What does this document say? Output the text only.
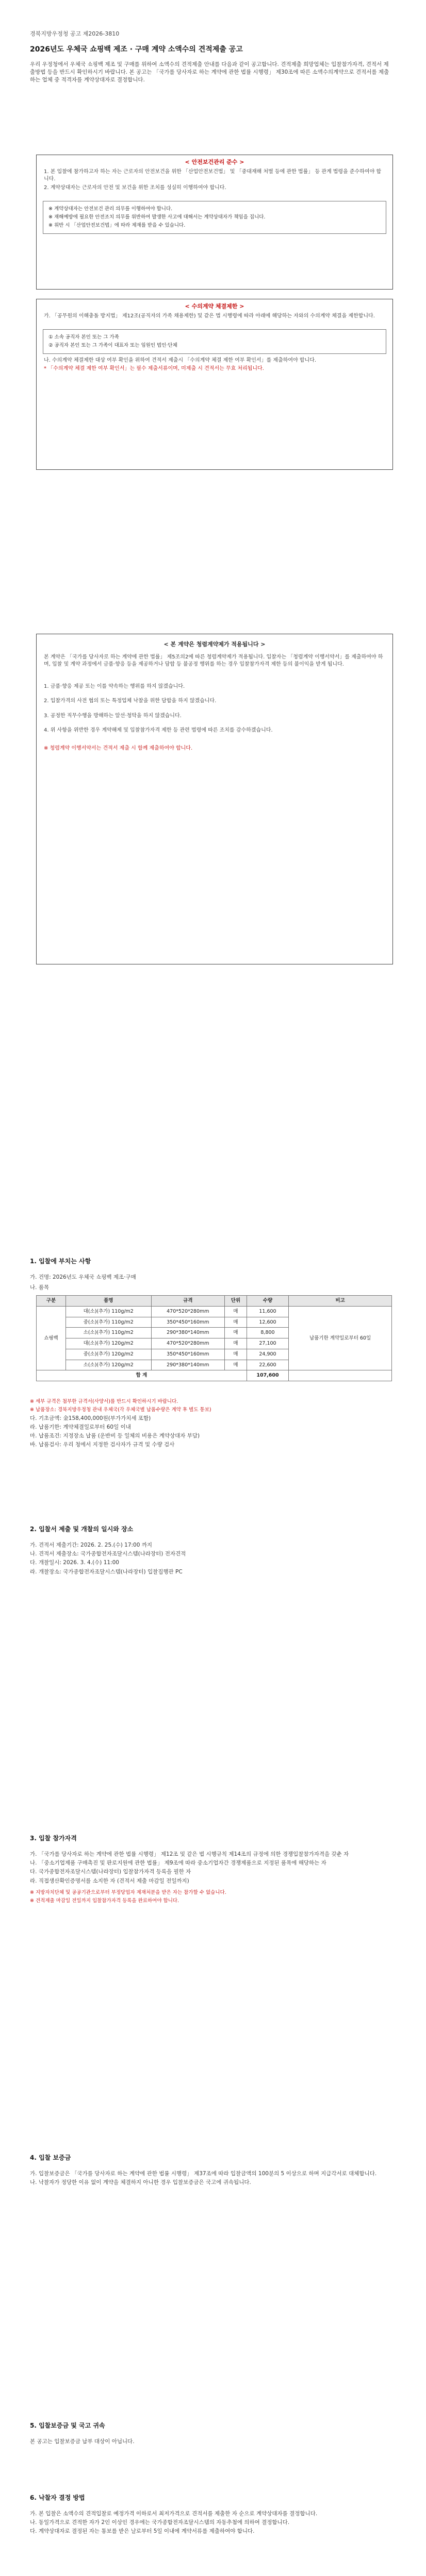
경북지방우정청 공고 제2026-3810
2026년도 우체국 쇼핑백 제조 · 구매 계약 소액수의 견적제출 공고
우리 우정청에서 우체국 쇼핑백 제조 및 구매를 위하여 소액수의 견적제출 안내를 다음과 같이 공고합니다. 견적제출 희망업체는 입찰참가자격, 견적서 제출방법 등을 반드시 확인하시기 바랍니다. 본 공고는 「국가를 당사자로 하는 계약에 관한 법률 시행령」 제30조에 따른 소액수의계약으로 견적서를 제출하는 업체 중 적격자를 계약상대자로 결정합니다.
< 안전보건관리 준수 >
1. 본 입찰에 참가하고자 하는 자는 근로자의 안전보건을 위한 「산업안전보건법」 및 「중대재해 처벌 등에 관한 법률」 등 관계 법령을 준수하여야 합니다.
2. 계약상대자는 근로자의 안전 및 보건을 위한 조치를 성실히 이행하여야 합니다.
※ 계약상대자는 안전보건 관리 의무를 이행하여야 합니다.
※ 재해예방에 필요한 안전조치 의무를 위반하여 발생한 사고에 대해서는 계약상대자가 책임을 집니다.
※ 위반 시 「산업안전보건법」에 따라 제재를 받을 수 있습니다.
< 수의계약 체결제한 >
가. 「공무원의 이해충돌 방지법」 제12조(공직자의 가족 채용제한) 및 같은 법 시행령에 따라 아래에 해당하는 자와의 수의계약 체결을 제한합니다.
① 소속 공직자 본인 또는 그 가족
② 공직자 본인 또는 그 가족이 대표자 또는 임원인 법인·단체
나. 수의계약 체결제한 대상 여부 확인을 위하여 견적서 제출시 「수의계약 체결 제한 여부 확인서」를 제출하여야 합니다.
* 「수의계약 체결 제한 여부 확인서」는 필수 제출서류이며, 미제출 시 견적서는 무효 처리됩니다.
< 본 계약은 청렴계약제가 적용됩니다 >
본 계약은 「국가를 당사자로 하는 계약에 관한 법률」 제5조의2에 따른 청렴계약제가 적용됩니다. 입찰자는 「청렴계약 이행서약서」를 제출하여야 하며, 입찰 및 계약 과정에서 금품·향응 등을 제공하거나 담합 등 불공정 행위를 하는 경우 입찰참가자격 제한 등의 불이익을 받게 됩니다.
1. 금품·향응 제공 또는 이를 약속하는 행위를 하지 않겠습니다.
2. 입찰가격의 사전 협의 또는 특정업체 낙찰을 위한 담합을 하지 않겠습니다.
3. 공정한 직무수행을 방해하는 알선·청탁을 하지 않겠습니다.
4. 위 사항을 위반한 경우 계약해제 및 입찰참가자격 제한 등 관련 법령에 따른 조치를 감수하겠습니다.
※ 청렴계약 이행서약서는 견적서 제출 시 함께 제출하여야 합니다.
1. 입찰에 부치는 사항
가. 건명: 2026년도 우체국 쇼핑백 제조·구매
나. 품목
구분	품명	규격	단위	수량	비고
쇼핑백	대(소)(추가) 110g/m2	470*520*280mm	매	11,600	납품기한 계약일로부터 60일
	중(소)(추가) 110g/m2	350*450*160mm	매	12,600	
	소(소)(추가) 110g/m2	290*380*140mm	매	8,800	
	대(소)(추가) 120g/m2	470*520*280mm	매	27,100	
	중(소)(추가) 120g/m2	350*450*160mm	매	24,900	
	소(소)(추가) 120g/m2	290*380*140mm	매	22,600	
합 계				107,600	
※ 세부 규격은 첨부한 규격서(사양서)를 반드시 확인하시기 바랍니다.
※ 납품장소: 경북지방우정청 관내 우체국(각 우체국별 납품수량은 계약 후 별도 통보)
다. 기초금액: 金158,400,000원(부가가치세 포함)
라. 납품기한: 계약체결일로부터 60일 이내
마. 납품조건: 지정장소 납품 (운반비 등 일체의 비용은 계약상대자 부담)
바. 납품검사: 우리 청에서 지정한 검사자가 규격 및 수량 검사
2. 입찰서 제출 및 개찰의 일시와 장소
가. 견적서 제출기간: 2026. 2. 25.(수) 17:00 까지
나. 견적서 제출장소: 국가종합전자조달시스템(나라장터) 전자견적
다. 개찰일시: 2026. 3. 4.(수) 11:00
라. 개찰장소: 국가종합전자조달시스템(나라장터) 입찰집행관 PC
3. 입찰 참가자격
가. 「국가를 당사자로 하는 계약에 관한 법률 시행령」 제12조 및 같은 법 시행규칙 제14조의 규정에 의한 경쟁입찰참가자격을 갖춘 자
나. 「중소기업제품 구매촉진 및 판로지원에 관한 법률」 제9조에 따라 중소기업자간 경쟁제품으로 지정된 품목에 해당하는 자
다. 국가종합전자조달시스템(나라장터) 입찰참가자격 등록을 필한 자
라. 직접생산확인증명서를 소지한 자 (견적서 제출 마감일 전일까지)
※ 지방자치단체 및 공공기관으로부터 부정당업자 제재처분을 받은 자는 참가할 수 없습니다.
※ 견적제출 마감일 전일까지 입찰참가자격 등록을 완료하여야 합니다.
4. 입찰 보증금
가. 입찰보증금은 「국가를 당사자로 하는 계약에 관한 법률 시행령」 제37조에 따라 입찰금액의 100분의 5 이상으로 하며 지급각서로 대체합니다.
나. 낙찰자가 정당한 이유 없이 계약을 체결하지 아니한 경우 입찰보증금은 국고에 귀속됩니다.
5. 입찰보증금 및 국고 귀속
본 공고는 입찰보증금 납부 대상이 아닙니다.
6. 낙찰자 결정 방법
가. 본 입찰은 소액수의 견적입찰로 예정가격 이하로서 최저가격으로 견적서를 제출한 자 순으로 계약상대자를 결정합니다.
나. 동일가격으로 견적한 자가 2인 이상인 경우에는 국가종합전자조달시스템의 자동추첨에 의하여 결정합니다.
다. 계약상대자로 결정된 자는 통보를 받은 날로부터 5일 이내에 계약서류를 제출하여야 합니다.
